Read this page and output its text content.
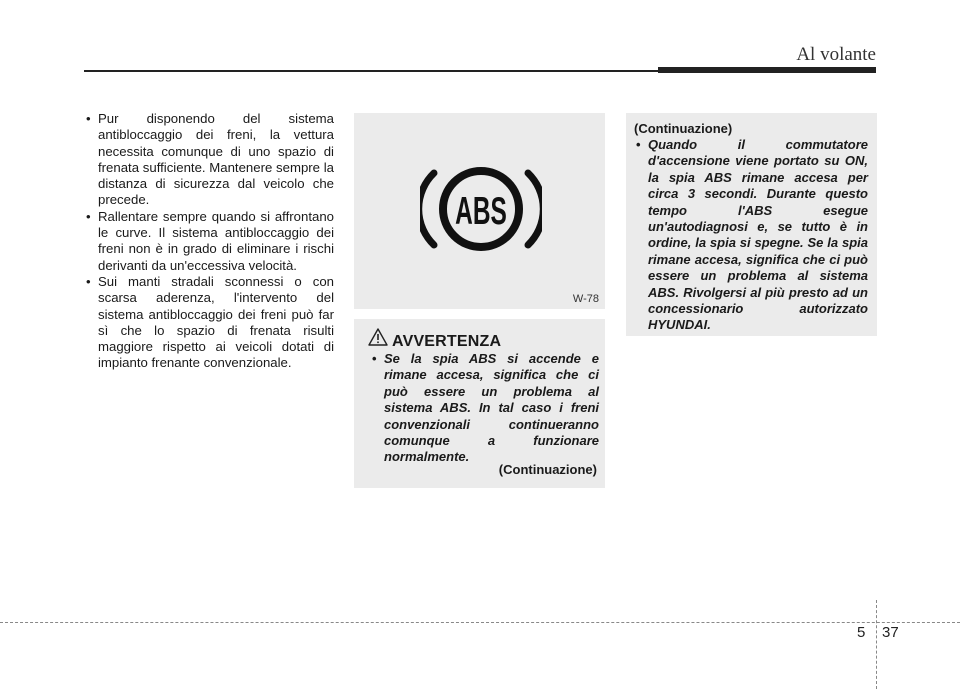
Al volante
• Pur disponendo del sistema antibloccaggio dei freni, la vettura necessita comunque di uno spazio di frenata sufficiente. Mantenere sempre la distanza di sicurezza dal veicolo che precede.
• Rallentare sempre quando si affrontano le curve. Il sistema antibloccaggio dei freni non è in grado di eliminare i rischi derivanti da un'eccessiva velocità.
• Sui manti stradali sconnessi o con scarsa aderenza, l'intervento del sistema antibloccaggio dei freni può far sì che lo spazio di frenata risulti maggiore rispetto ai veicoli dotati di impianto frenante convenzionale.
ABS
W-78
AVVERTENZA
• Se la spia ABS si accende e rimane accesa, significa che ci può essere un problema al sistema ABS. In tal caso i freni convenzionali continueranno comunque a funzionare normalmente.
(Continuazione)
(Continuazione)
• Quando il commutatore d'accensione viene portato su ON, la spia ABS rimane accesa per circa 3 secondi. Durante questo tempo l'ABS esegue un'autodiagnosi e, se tutto è in ordine, la spia si spegne. Se la spia rimane accesa, significa che ci può essere un problema al sistema ABS. Rivolgersi al più presto ad un concessionario autorizzato HYUNDAI.
5 37
